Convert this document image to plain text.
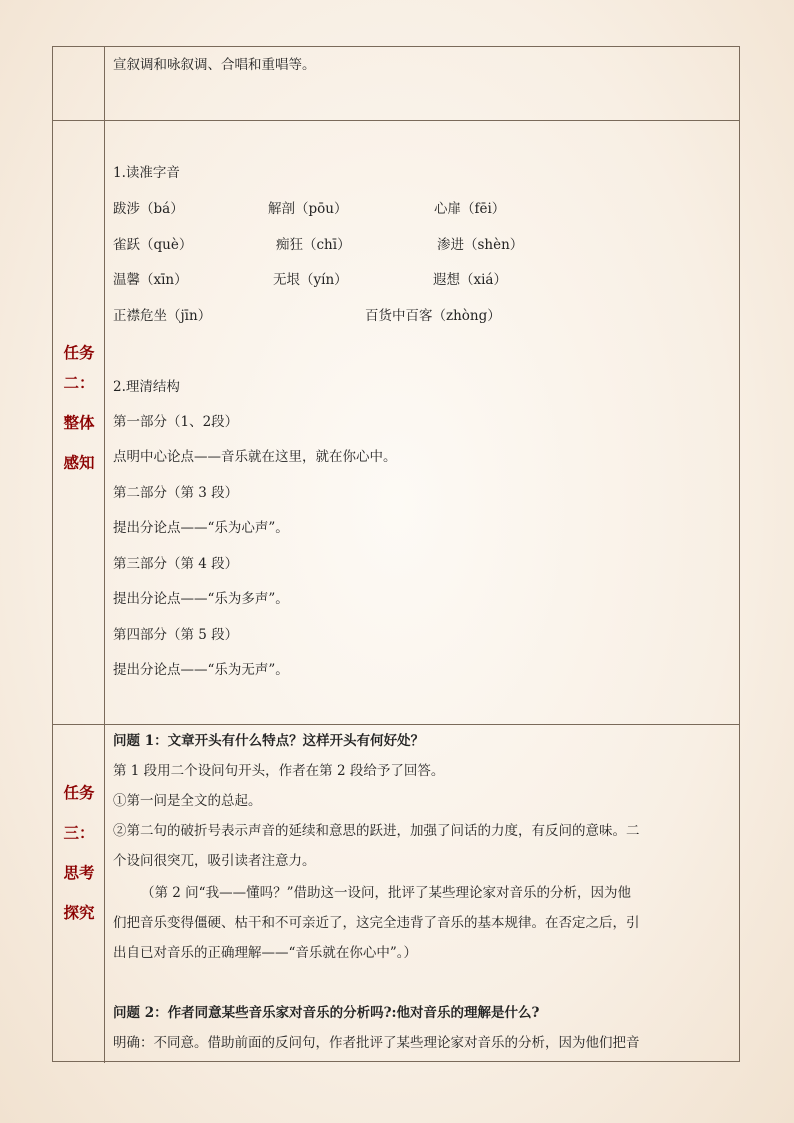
宣叙调和咏叙调、合唱和重唱等。
任务
二：
整体
感知
1.读准字音
跋涉（bá）	解剖（pōu）	心扉（fēi）
雀跃（què）	痴狂（chī）	渗进（shèn）
温馨（xīn）	无垠（yín）	遐想（xiá）
正襟危坐（jīn）	百货中百客（zhòng）
2.理清结构
第一部分（1、2段）
点明中心论点——音乐就在这里，就在你心中。
第二部分（第 3 段）
提出分论点——“乐为心声”。
第三部分（第 4 段）
提出分论点——“乐为多声”。
第四部分（第 5 段）
提出分论点——“乐为无声”。
任务
三：
思考
探究
问题 1：文章开头有什么特点？这样开头有何好处？
第 1 段用二个设问句开头，作者在第 2 段给予了回答。
①第一问是全文的总起。
②第二句的破折号表示声音的延续和意思的跃进，加强了问话的力度，有反问的意味。二
个设问很突兀，吸引读者注意力。
（第 2 问“我——懂吗？”借助这一设问，批评了某些理论家对音乐的分析，因为他
们把音乐变得僵硬、枯干和不可亲近了，这完全违背了音乐的基本规律。在否定之后，引
出自已对音乐的正确理解——“音乐就在你心中”。）
问题 2：作者同意某些音乐家对音乐的分析吗?:他对音乐的理解是什么?
明确：不同意。借助前面的反问句，作者批评了某些理论家对音乐的分析，因为他们把音
